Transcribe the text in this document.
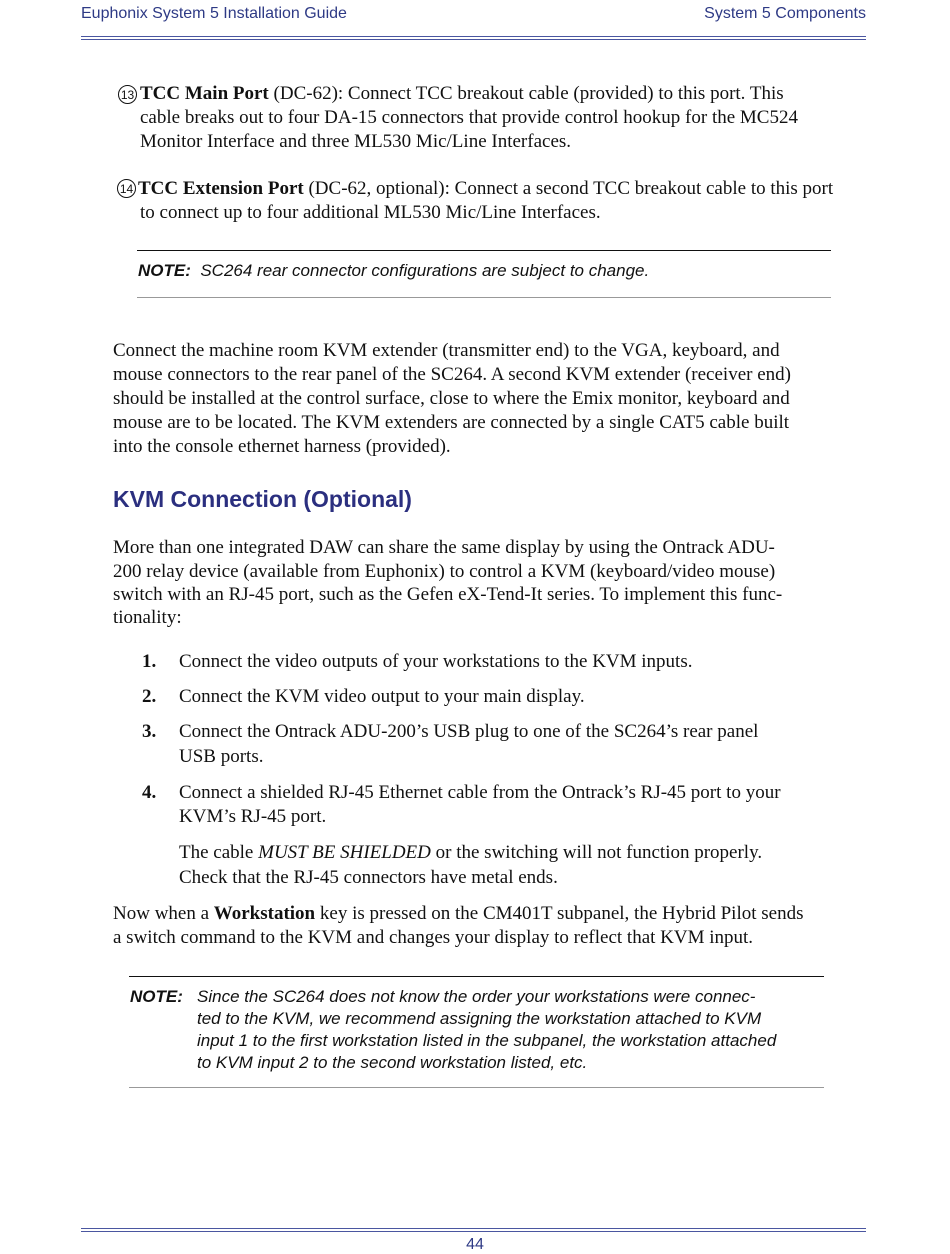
Euphonix System 5 Installation Guide	System 5 Components
13 TCC Main Port (DC-62): Connect TCC breakout cable (provided) to this port. This

cable breaks out to four DA-15 connectors that provide control hookup for the MC524

Monitor Interface and three ML530 Mic/Line Interfaces.

14 TCC Extension Port (DC-62, optional): Connect a second TCC breakout cable to this port

to connect up to four additional ML530 Mic/Line Interfaces.

NOTE: SC264 rear connector configurations are subject to change.

Connect the machine room KVM extender (transmitter end) to the VGA, keyboard, and

mouse connectors to the rear panel of the SC264. A second KVM extender (receiver end)

should be installed at the control surface, close to where the Emix monitor, keyboard and

mouse are to be located. The KVM extenders are connected by a single CAT5 cable built

into the console ethernet harness (provided).

KVM Connection (Optional)

More than one integrated DAW can share the same display by using the Ontrack ADU-

200 relay device (available from Euphonix) to control a KVM (keyboard/video mouse)

switch with an RJ-45 port, such as the Gefen eX-Tend-It series. To implement this func-

tionality:

1. Connect the video outputs of your workstations to the KVM inputs.

2. Connect the KVM video output to your main display.

3. Connect the Ontrack ADU-200’s USB plug to one of the SC264’s rear panel

USB ports.

4. Connect a shielded RJ-45 Ethernet cable from the Ontrack’s RJ-45 port to your

KVM’s RJ-45 port.

The cable MUST BE SHIELDED or the switching will not function properly.

Check that the RJ-45 connectors have metal ends.

Now when a Workstation key is pressed on the CM401T subpanel, the Hybrid Pilot sends

a switch command to the KVM and changes your display to reflect that KVM input.

NOTE: Since the SC264 does not know the order your workstations were connec-

ted to the KVM, we recommend assigning the workstation attached to KVM

input 1 to the first workstation listed in the subpanel, the workstation attached

to KVM input 2 to the second workstation listed, etc.

44
